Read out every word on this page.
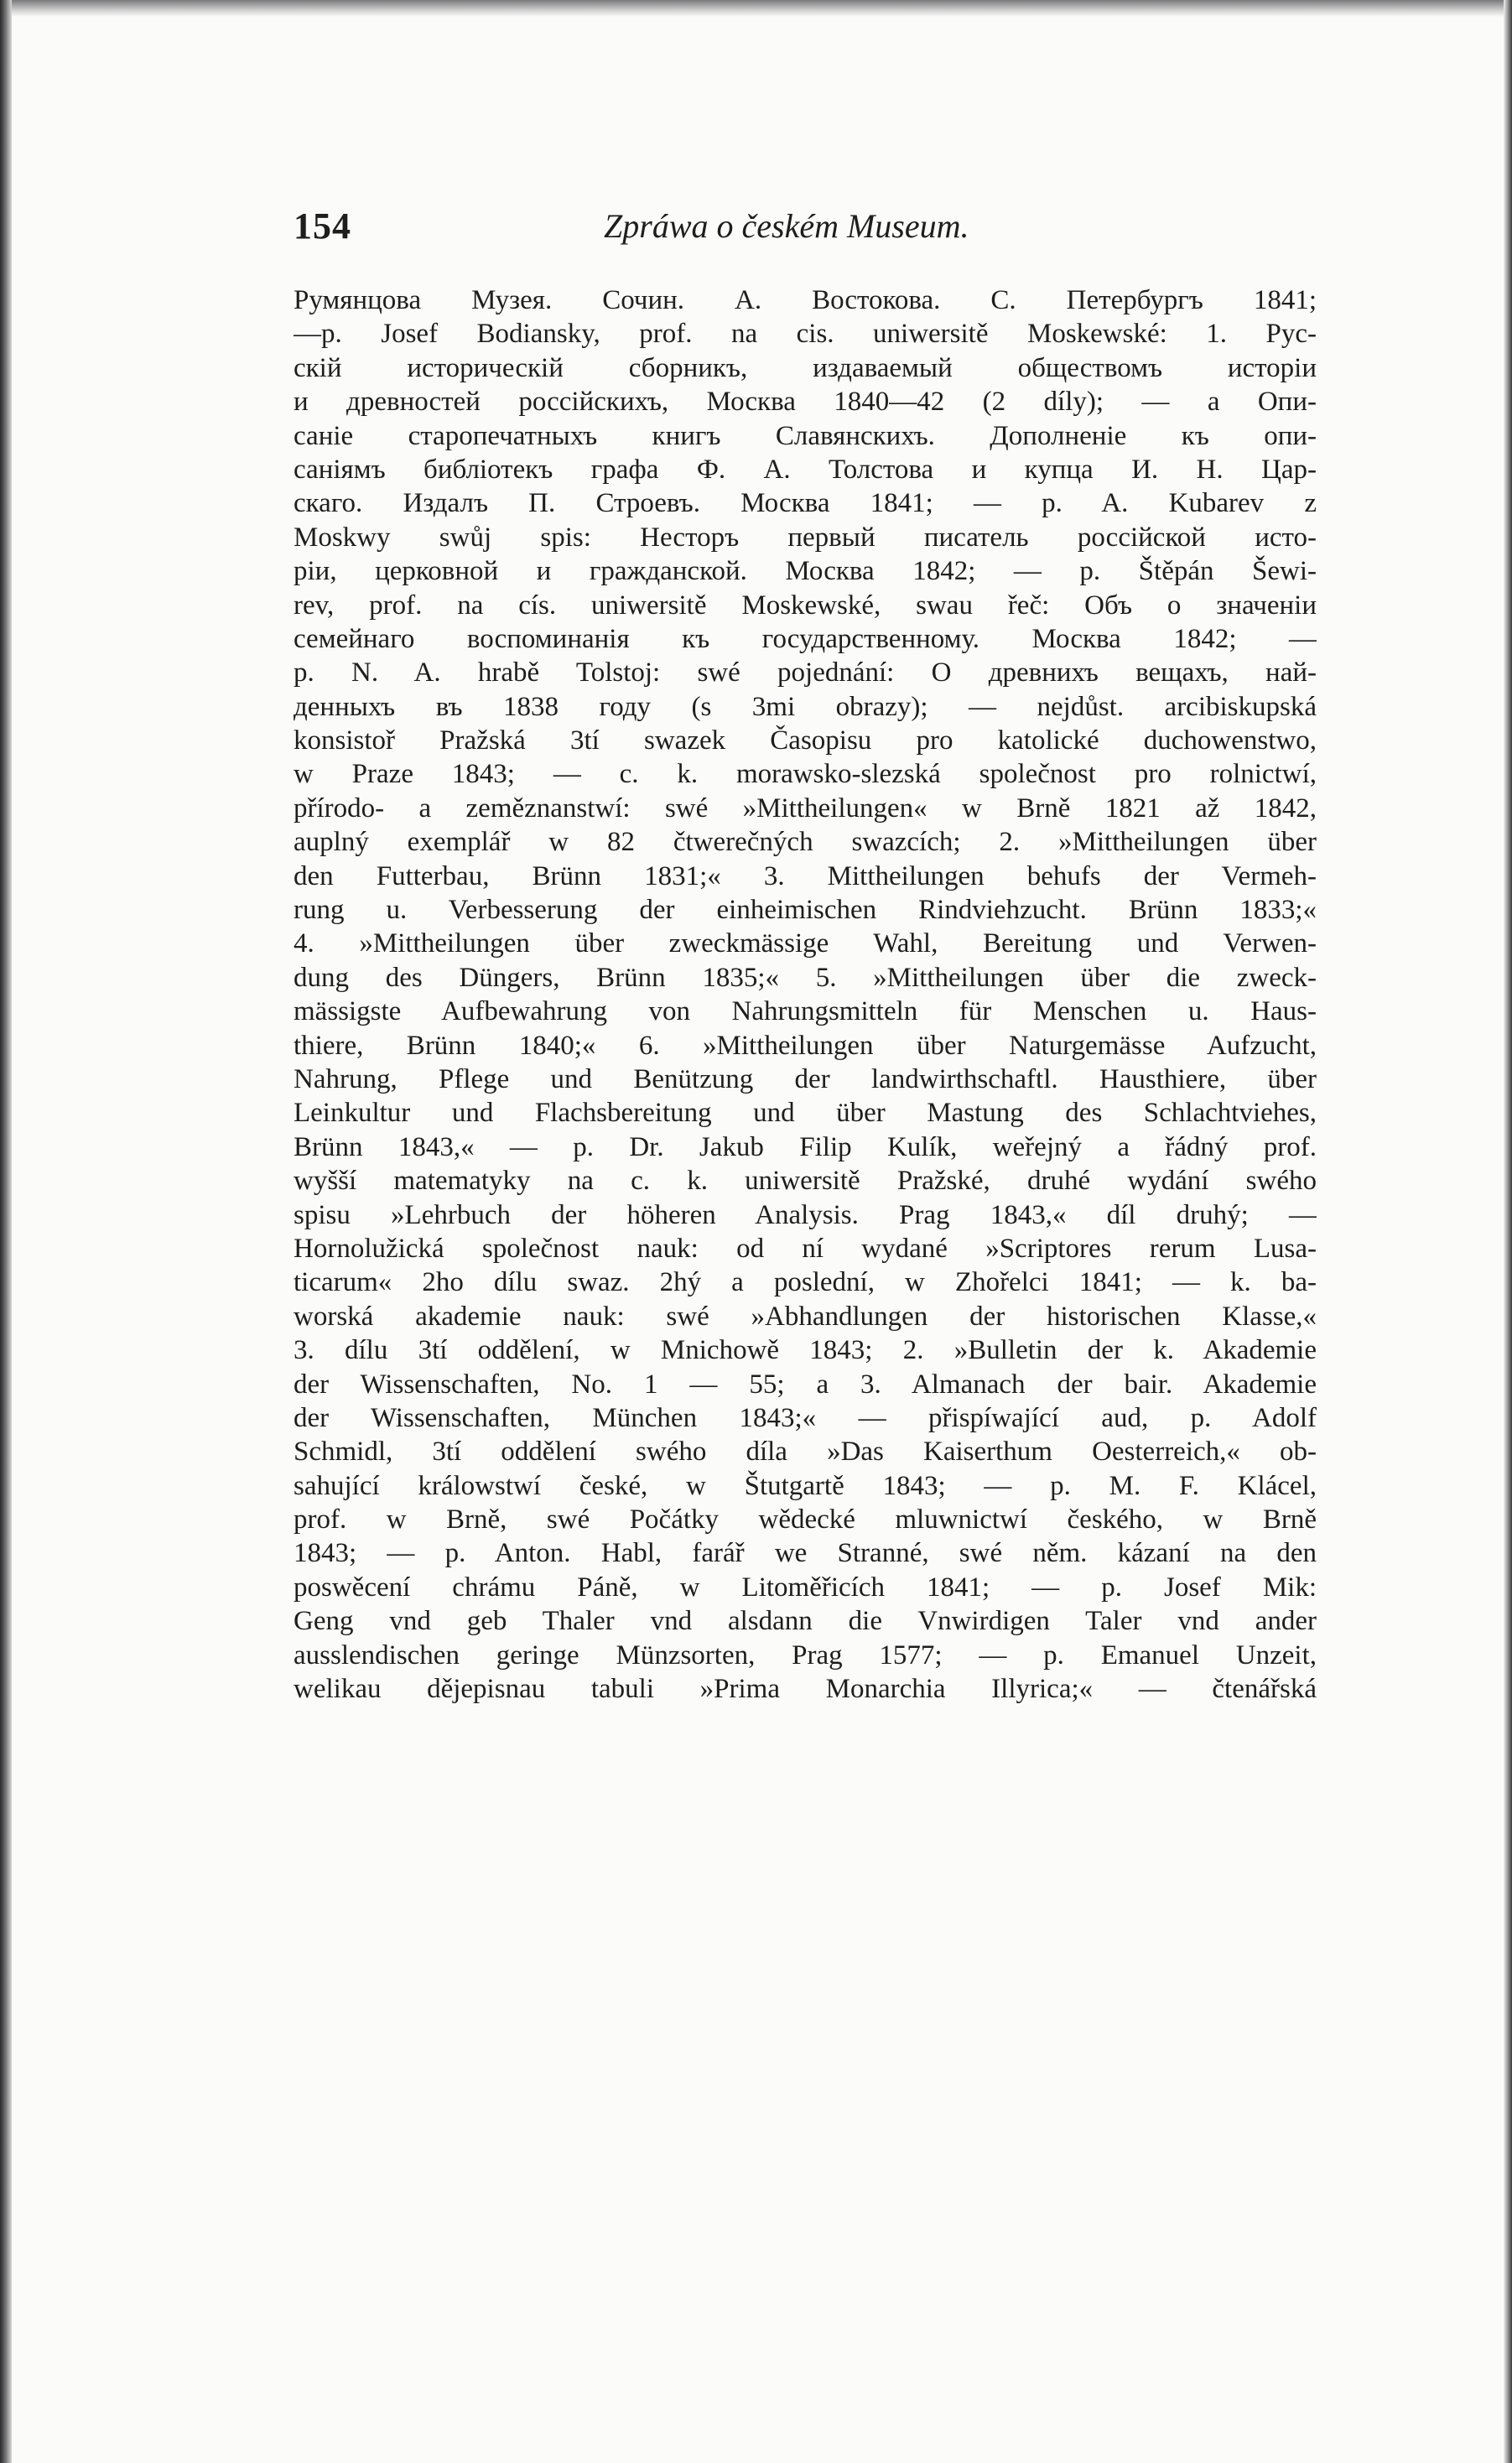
154	Zpráwa o českém Museum.
Румянцова Музея. Сочин. А. Востокова. С. Петербургъ 1841;
—p. Josef Bodiansky, prof. na cis. uniwersitě Moskewské: 1. Рус-
скій историческій сборникъ, издаваемый обществомъ исторіи
и древностей россійскихъ, Москва 1840—42 (2 díly); — a Опи-
саніе старопечатныхъ книгъ Славянскихъ. Дополненіе къ опи-
саніямъ библіотекъ графа Ф. А. Толстова и купца И. Н. Цар-
скаго. Издалъ П. Строевъ. Москва 1841; — p. A. Kubarev z
Moskwy swůj spis: Несторъ первый писатель россійской исто-
ріи, церковной и гражданской. Москва 1842; — p. Štěpán Šewi-
rev, prof. na cís. uniwersitě Moskewské, swau řeč: Объ о значеніи
семейнаго воспоминанія къ государственному. Москва 1842; —
p. N. A. hrabě Tolstoj: swé pojednání: О древнихъ вещахъ, най-
денныхъ въ 1838 году (s 3mi obrazy); — nejdůst. arcibiskupská
konsistoř Pražská 3tí swazek Časopisu pro katolické duchowenstwo,
w Praze 1843; — c. k. morawsko-slezská společnost pro rolnictwí,
přírodo- a zeměznanstwí: swé »Mittheilungen« w Brně 1821 až 1842,
auplný exemplář w 82 čtwerečných swazcích; 2. »Mittheilungen über
den Futterbau, Brünn 1831;« 3. Mittheilungen behufs der Vermeh-
rung u. Verbesserung der einheimischen Rindviehzucht. Brünn 1833;«
4. »Mittheilungen über zweckmässige Wahl, Bereitung und Verwen-
dung des Düngers, Brünn 1835;« 5. »Mittheilungen über die zweck-
mässigste Aufbewahrung von Nahrungsmitteln für Menschen u. Haus-
thiere, Brünn 1840;« 6. »Mittheilungen über Naturgemässe Aufzucht,
Nahrung, Pflege und Benützung der landwirthschaftl. Hausthiere, über
Leinkultur und Flachsbereitung und über Mastung des Schlachtviehes,
Brünn 1843,« — p. Dr. Jakub Filip Kulík, weřejný a řádný prof.
wyšší matematyky na c. k. uniwersitě Pražské, druhé wydání swého
spisu »Lehrbuch der höheren Analysis. Prag 1843,« díl druhý; —
Hornolužická společnost nauk: od ní wydané »Scriptores rerum Lusa-
ticarum« 2ho dílu swaz. 2hý a poslední, w Zhořelci 1841; — k. ba-
worská akademie nauk: swé »Abhandlungen der historischen Klasse,«
3. dílu 3tí oddělení, w Mnichowě 1843; 2. »Bulletin der k. Akademie
der Wissenschaften, No. 1 — 55; a 3. Almanach der bair. Akademie
der Wissenschaften, München 1843;« — přispíwající aud, p. Adolf
Schmidl, 3tí oddělení swého díla »Das Kaiserthum Oesterreich,« ob-
sahující králowstwí české, w Štutgartě 1843; — p. M. F. Klácel,
prof. w Brně, swé Počátky wědecké mluwnictwí českého, w Brně
1843; — p. Anton. Habl, farář we Stranné, swé něm. kázaní na den
poswěcení chrámu Páně, w Litoměřicích 1841; — p. Josef Mik:
Geng vnd geb Thaler vnd alsdann die Vnwirdigen Taler vnd ander
ausslendischen geringe Münzsorten, Prag 1577; — p. Emanuel Unzeit,
welikau dějepisnau tabuli »Prima Monarchia Illyrica;« — čtenářská
